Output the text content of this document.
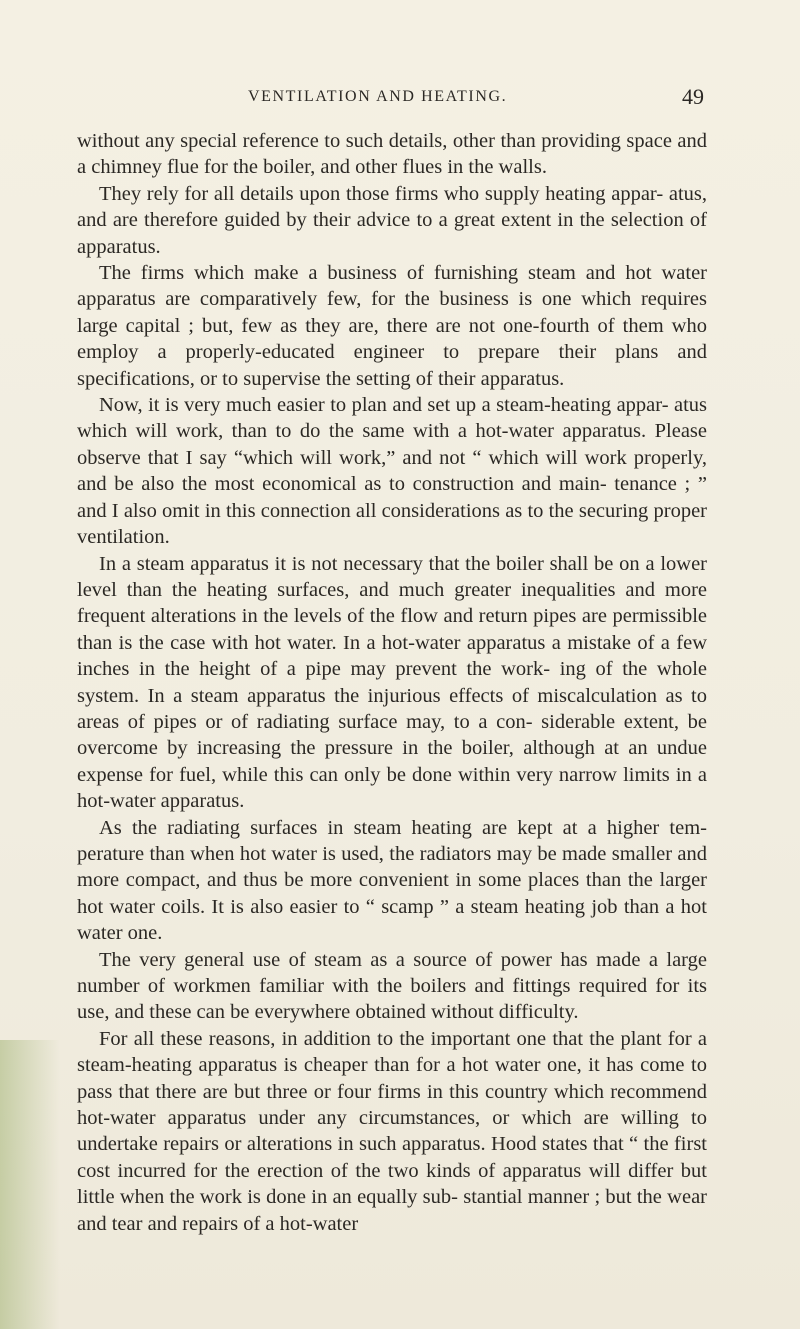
VENTILATION AND HEATING.	49

without any special reference to such details, other than providing space and a chimney flue for the boiler, and other flues in the walls.

They rely for all details upon those firms who supply heating appar- atus, and are therefore guided by their advice to a great extent in the selection of apparatus.

The firms which make a business of furnishing steam and hot water apparatus are comparatively few, for the business is one which requires large capital ; but, few as they are, there are not one-fourth of them who employ a properly-educated engineer to prepare their plans and specifications, or to supervise the setting of their apparatus.

Now, it is very much easier to plan and set up a steam-heating appar- atus which will work, than to do the same with a hot-water apparatus. Please observe that I say “which will work,” and not “ which will work properly, and be also the most economical as to construction and main- tenance ; ” and I also omit in this connection all considerations as to the securing proper ventilation.

In a steam apparatus it is not necessary that the boiler shall be on a lower level than the heating surfaces, and much greater inequalities and more frequent alterations in the levels of the flow and return pipes are permissible than is the case with hot water. In a hot-water apparatus a mistake of a few inches in the height of a pipe may prevent the work- ing of the whole system. In a steam apparatus the injurious effects of miscalculation as to areas of pipes or of radiating surface may, to a con- siderable extent, be overcome by increasing the pressure in the boiler, although at an undue expense for fuel, while this can only be done within very narrow limits in a hot-water apparatus.

As the radiating surfaces in steam heating are kept at a higher tem- perature than when hot water is used, the radiators may be made smaller and more compact, and thus be more convenient in some places than the larger hot water coils. It is also easier to “ scamp ” a steam heating job than a hot water one.

The very general use of steam as a source of power has made a large number of workmen familiar with the boilers and fittings required for its use, and these can be everywhere obtained without difficulty.

For all these reasons, in addition to the important one that the plant for a steam-heating apparatus is cheaper than for a hot water one, it has come to pass that there are but three or four firms in this country which recommend hot-water apparatus under any circumstances, or which are willing to undertake repairs or alterations in such apparatus. Hood states that “ the first cost incurred for the erection of the two kinds of apparatus will differ but little when the work is done in an equally sub- stantial manner ; but the wear and tear and repairs of a hot-water
